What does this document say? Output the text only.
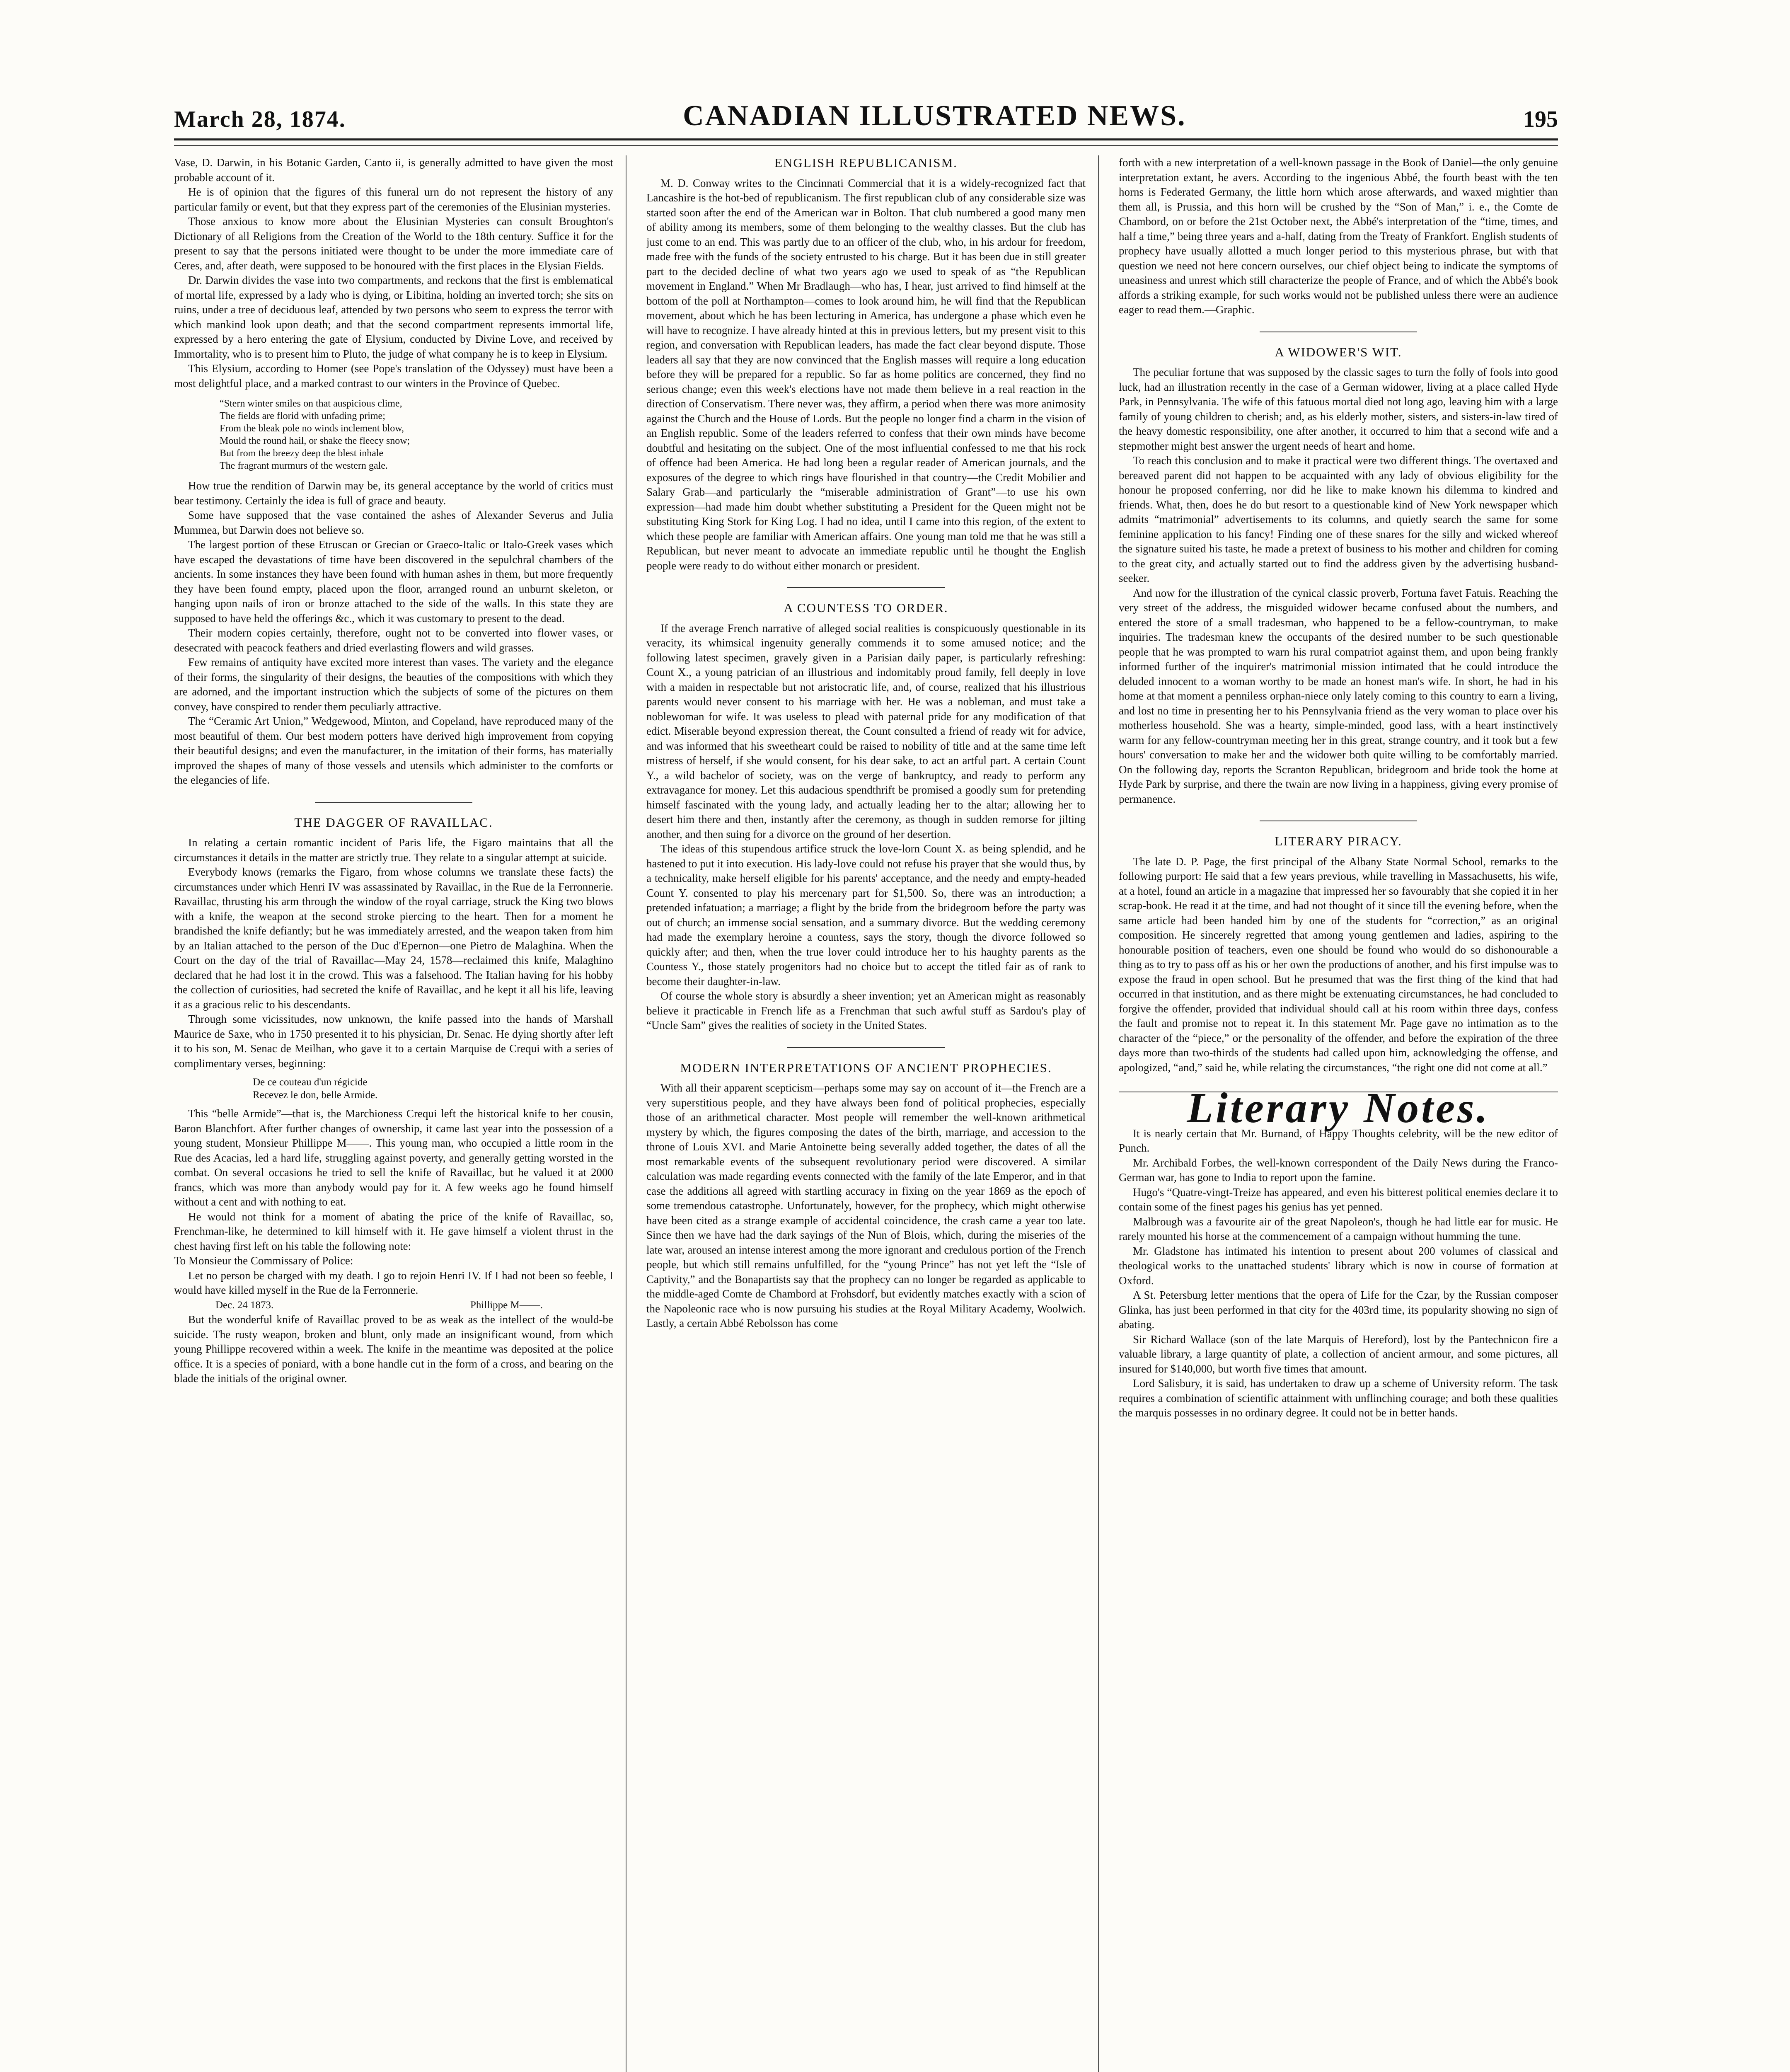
March 28, 1874.	CANADIAN ILLUSTRATED NEWS.	195

Vase, D. Darwin, in his Botanic Garden, Canto ii, is generally admitted to have given the most probable account of it.

He is of opinion that the figures of this funeral urn do not represent the history of any particular family or event, but that they express part of the ceremonies of the Elusinian mysteries.

Those anxious to know more about the Elusinian Mysteries can consult Broughton's Dictionary of all Religions from the Creation of the World to the 18th century. Suffice it for the present to say that the persons initiated were thought to be under the more immediate care of Ceres, and, after death, were supposed to be honoured with the first places in the Elysian Fields.

Dr. Darwin divides the vase into two compartments, and reckons that the first is emblematical of mortal life, expressed by a lady who is dying, or Libitina, holding an inverted torch; she sits on ruins, under a tree of deciduous leaf, attended by two persons who seem to express the terror with which mankind look upon death; and that the second compartment represents immortal life, expressed by a hero entering the gate of Elysium, conducted by Divine Love, and received by Immortality, who is to present him to Pluto, the judge of what company he is to keep in Elysium.

This Elysium, according to Homer (see Pope's translation of the Odyssey) must have been a most delightful place, and a marked contrast to our winters in the Province of Quebec.

“Stern winter smiles on that auspicious clime,
The fields are florid with unfading prime;
From the bleak pole no winds inclement blow,
Mould the round hail, or shake the fleecy snow;
But from the breezy deep the blest inhale
The fragrant murmurs of the western gale.

How true the rendition of Darwin may be, its general acceptance by the world of critics must bear testimony. Certainly the idea is full of grace and beauty.

Some have supposed that the vase contained the ashes of Alexander Severus and Julia Mummea, but Darwin does not believe so.

The largest portion of these Etruscan or Grecian or Graeco-Italic or Italo-Greek vases which have escaped the devastations of time have been discovered in the sepulchral chambers of the ancients. In some instances they have been found with human ashes in them, but more frequently they have been found empty, placed upon the floor, arranged round an unburnt skeleton, or hanging upon nails of iron or bronze attached to the side of the walls. In this state they are supposed to have held the offerings &c., which it was customary to present to the dead.

Their modern copies certainly, therefore, ought not to be converted into flower vases, or desecrated with peacock feathers and dried everlasting flowers and wild grasses.

Few remains of antiquity have excited more interest than vases. The variety and the elegance of their forms, the singularity of their designs, the beauties of the compositions with which they are adorned, and the important instruction which the subjects of some of the pictures on them convey, have conspired to render them peculiarly attractive.

The “Ceramic Art Union,” Wedgewood, Minton, and Copeland, have reproduced many of the most beautiful of them. Our best modern potters have derived high improvement from copying their beautiful designs; and even the manufacturer, in the imitation of their forms, has materially improved the shapes of many of those vessels and utensils which administer to the comforts or the elegancies of life.

THE DAGGER OF RAVAILLAC.

In relating a certain romantic incident of Paris life, the Figaro maintains that all the circumstances it details in the matter are strictly true. They relate to a singular attempt at suicide.

Everybody knows (remarks the Figaro, from whose columns we translate these facts) the circumstances under which Henri IV was assassinated by Ravaillac, in the Rue de la Ferronnerie. Ravaillac, thrusting his arm through the window of the royal carriage, struck the King two blows with a knife, the weapon at the second stroke piercing to the heart. Then for a moment he brandished the knife defiantly; but he was immediately arrested, and the weapon taken from him by an Italian attached to the person of the Duc d'Epernon—one Pietro de Malaghina. When the Court on the day of the trial of Ravaillac—May 24, 1578—reclaimed this knife, Malaghino declared that he had lost it in the crowd. This was a falsehood. The Italian having for his hobby the collection of curiosities, had secreted the knife of Ravaillac, and he kept it all his life, leaving it as a gracious relic to his descendants.

Through some vicissitudes, now unknown, the knife passed into the hands of Marshall Maurice de Saxe, who in 1750 presented it to his physician, Dr. Senac. He dying shortly after left it to his son, M. Senac de Meilhan, who gave it to a certain Marquise de Crequi with a series of complimentary verses, beginning:

De ce couteau d'un régicide
Recevez le don, belle Armide.

This “belle Armide”—that is, the Marchioness Crequi left the historical knife to her cousin, Baron Blanchfort. After further changes of ownership, it came last year into the possession of a young student, Monsieur Phillippe M——. This young man, who occupied a little room in the Rue des Acacias, led a hard life, struggling against poverty, and generally getting worsted in the combat. On several occasions he tried to sell the knife of Ravaillac, but he valued it at 2000 francs, which was more than anybody would pay for it. A few weeks ago he found himself without a cent and with nothing to eat.

He would not think for a moment of abating the price of the knife of Ravaillac, so, Frenchman-like, he determined to kill himself with it. He gave himself a violent thrust in the chest having first left on his table the following note:

To Monsieur the Commissary of Police:

Let no person be charged with my death. I go to rejoin Henri IV. If I had not been so feeble, I would have killed myself in the Rue de la Ferronnerie.

Dec. 24 1873.	Phillippe M——.

But the wonderful knife of Ravaillac proved to be as weak as the intellect of the would-be suicide. The rusty weapon, broken and blunt, only made an insignificant wound, from which young Phillippe recovered within a week. The knife in the meantime was deposited at the police office. It is a species of poniard, with a bone handle cut in the form of a cross, and bearing on the blade the initials of the original owner.

ENGLISH REPUBLICANISM.

M. D. Conway writes to the Cincinnati Commercial that it is a widely-recognized fact that Lancashire is the hot-bed of republicanism. The first republican club of any considerable size was started soon after the end of the American war in Bolton. That club numbered a good many men of ability among its members, some of them belonging to the wealthy classes. But the club has just come to an end. This was partly due to an officer of the club, who, in his ardour for freedom, made free with the funds of the society entrusted to his charge. But it has been due in still greater part to the decided decline of what two years ago we used to speak of as “the Republican movement in England.” When Mr Bradlaugh—who has, I hear, just arrived to find himself at the bottom of the poll at Northampton—comes to look around him, he will find that the Republican movement, about which he has been lecturing in America, has undergone a phase which even he will have to recognize. I have already hinted at this in previous letters, but my present visit to this region, and conversation with Republican leaders, has made the fact clear beyond dispute. Those leaders all say that they are now convinced that the English masses will require a long education before they will be prepared for a republic. So far as home politics are concerned, they find no serious change; even this week's elections have not made them believe in a real reaction in the direction of Conservatism. There never was, they affirm, a period when there was more animosity against the Church and the House of Lords. But the people no longer find a charm in the vision of an English republic. Some of the leaders referred to confess that their own minds have become doubtful and hesitating on the subject. One of the most influential confessed to me that his rock of offence had been America. He had long been a regular reader of American journals, and the exposures of the degree to which rings have flourished in that country—the Credit Mobilier and Salary Grab—and particularly the “miserable administration of Grant”—to use his own expression—had made him doubt whether substituting a President for the Queen might not be substituting King Stork for King Log. I had no idea, until I came into this region, of the extent to which these people are familiar with American affairs. One young man told me that he was still a Republican, but never meant to advocate an immediate republic until he thought the English people were ready to do without either monarch or president.

A COUNTESS TO ORDER.

If the average French narrative of alleged social realities is conspicuously questionable in its veracity, its whimsical ingenuity generally commends it to some amused notice; and the following latest specimen, gravely given in a Parisian daily paper, is particularly refreshing: Count X., a young patrician of an illustrious and indomitably proud family, fell deeply in love with a maiden in respectable but not aristocratic life, and, of course, realized that his illustrious parents would never consent to his marriage with her. He was a nobleman, and must take a noblewoman for wife. It was useless to plead with paternal pride for any modification of that edict. Miserable beyond expression thereat, the Count consulted a friend of ready wit for advice, and was informed that his sweetheart could be raised to nobility of title and at the same time left mistress of herself, if she would consent, for his dear sake, to act an artful part. A certain Count Y., a wild bachelor of society, was on the verge of bankruptcy, and ready to perform any extravagance for money. Let this audacious spendthrift be promised a goodly sum for pretending himself fascinated with the young lady, and actually leading her to the altar; allowing her to desert him there and then, instantly after the ceremony, as though in sudden remorse for jilting another, and then suing for a divorce on the ground of her desertion.

The ideas of this stupendous artifice struck the love-lorn Count X. as being splendid, and he hastened to put it into execution. His lady-love could not refuse his prayer that she would thus, by a technicality, make herself eligible for his parents' acceptance, and the needy and empty-headed Count Y. consented to play his mercenary part for $1,500. So, there was an introduction; a pretended infatuation; a marriage; a flight by the bride from the bridegroom before the party was out of church; an immense social sensation, and a summary divorce. But the wedding ceremony had made the exemplary heroine a countess, says the story, though the divorce followed so quickly after; and then, when the true lover could introduce her to his haughty parents as the Countess Y., those stately progenitors had no choice but to accept the titled fair as of rank to become their daughter-in-law.

Of course the whole story is absurdly a sheer invention; yet an American might as reasonably believe it practicable in French life as a Frenchman that such awful stuff as Sardou's play of “Uncle Sam” gives the realities of society in the United States.

MODERN INTERPRETATIONS OF ANCIENT PROPHECIES.

With all their apparent scepticism—perhaps some may say on account of it—the French are a very superstitious people, and they have always been fond of political prophecies, especially those of an arithmetical character. Most people will remember the well-known arithmetical mystery by which, the figures composing the dates of the birth, marriage, and accession to the throne of Louis XVI. and Marie Antoinette being severally added together, the dates of all the most remarkable events of the subsequent revolutionary period were discovered. A similar calculation was made regarding events connected with the family of the late Emperor, and in that case the additions all agreed with startling accuracy in fixing on the year 1869 as the epoch of some tremendous catastrophe. Unfortunately, however, for the prophecy, which might otherwise have been cited as a strange example of accidental coincidence, the crash came a year too late. Since then we have had the dark sayings of the Nun of Blois, which, during the miseries of the late war, aroused an intense interest among the more ignorant and credulous portion of the French people, but which still remains unfulfilled, for the “young Prince” has not yet left the “Isle of Captivity,” and the Bonapartists say that the prophecy can no longer be regarded as applicable to the middle-aged Comte de Chambord at Frohsdorf, but evidently matches exactly with a scion of the Napoleonic race who is now pursuing his studies at the Royal Military Academy, Woolwich. Lastly, a certain Abbé Rebolsson has come

forth with a new interpretation of a well-known passage in the Book of Daniel—the only genuine interpretation extant, he avers. According to the ingenious Abbé, the fourth beast with the ten horns is Federated Germany, the little horn which arose afterwards, and waxed mightier than them all, is Prussia, and this horn will be crushed by the “Son of Man,” i. e., the Comte de Chambord, on or before the 21st October next, the Abbé's interpretation of the “time, times, and half a time,” being three years and a-half, dating from the Treaty of Frankfort. English students of prophecy have usually allotted a much longer period to this mysterious phrase, but with that question we need not here concern ourselves, our chief object being to indicate the symptoms of uneasiness and unrest which still characterize the people of France, and of which the Abbé's book affords a striking example, for such works would not be published unless there were an audience eager to read them.—Graphic.

A WIDOWER'S WIT.

The peculiar fortune that was supposed by the classic sages to turn the folly of fools into good luck, had an illustration recently in the case of a German widower, living at a place called Hyde Park, in Pennsylvania. The wife of this fatuous mortal died not long ago, leaving him with a large family of young children to cherish; and, as his elderly mother, sisters, and sisters-in-law tired of the heavy domestic responsibility, one after another, it occurred to him that a second wife and a stepmother might best answer the urgent needs of heart and home.

To reach this conclusion and to make it practical were two different things. The overtaxed and bereaved parent did not happen to be acquainted with any lady of obvious eligibility for the honour he proposed conferring, nor did he like to make known his dilemma to kindred and friends. What, then, does he do but resort to a questionable kind of New York newspaper which admits “matrimonial” advertisements to its columns, and quietly search the same for some feminine application to his fancy! Finding one of these snares for the silly and wicked whereof the signature suited his taste, he made a pretext of business to his mother and children for coming to the great city, and actually started out to find the address given by the advertising husband-seeker.

And now for the illustration of the cynical classic proverb, Fortuna favet Fatuis. Reaching the very street of the address, the misguided widower became confused about the numbers, and entered the store of a small tradesman, who happened to be a fellow-countryman, to make inquiries. The tradesman knew the occupants of the desired number to be such questionable people that he was prompted to warn his rural compatriot against them, and upon being frankly informed further of the inquirer's matrimonial mission intimated that he could introduce the deluded innocent to a woman worthy to be made an honest man's wife. In short, he had in his home at that moment a penniless orphan-niece only lately coming to this country to earn a living, and lost no time in presenting her to his Pennsylvania friend as the very woman to place over his motherless household. She was a hearty, simple-minded, good lass, with a heart instinctively warm for any fellow-countryman meeting her in this great, strange country, and it took but a few hours' conversation to make her and the widower both quite willing to be comfortably married. On the following day, reports the Scranton Republican, bridegroom and bride took the home at Hyde Park by surprise, and there the twain are now living in a happiness, giving every promise of permanence.

LITERARY PIRACY.

The late D. P. Page, the first principal of the Albany State Normal School, remarks to the following purport: He said that a few years previous, while travelling in Massachusetts, his wife, at a hotel, found an article in a magazine that impressed her so favourably that she copied it in her scrap-book. He read it at the time, and had not thought of it since till the evening before, when the same article had been handed him by one of the students for “correction,” as an original composition. He sincerely regretted that among young gentlemen and ladies, aspiring to the honourable position of teachers, even one should be found who would do so dishonourable a thing as to try to pass off as his or her own the productions of another, and his first impulse was to expose the fraud in open school. But he presumed that was the first thing of the kind that had occurred in that institution, and as there might be extenuating circumstances, he had concluded to forgive the offender, provided that individual should call at his room within three days, confess the fault and promise not to repeat it. In this statement Mr. Page gave no intimation as to the character of the “piece,” or the personality of the offender, and before the expiration of the three days more than two-thirds of the students had called upon him, acknowledging the offense, and apologized, “and,” said he, while relating the circumstances, “the right one did not come at all.”

Literary Notes.

It is nearly certain that Mr. Burnand, of Happy Thoughts celebrity, will be the new editor of Punch.

Mr. Archibald Forbes, the well-known correspondent of the Daily News during the Franco-German war, has gone to India to report upon the famine.

Hugo's “Quatre-vingt-Treize has appeared, and even his bitterest political enemies declare it to contain some of the finest pages his genius has yet penned.

Malbrough was a favourite air of the great Napoleon's, though he had little ear for music. He rarely mounted his horse at the commencement of a campaign without humming the tune.

Mr. Gladstone has intimated his intention to present about 200 volumes of classical and theological works to the unattached students' library which is now in course of formation at Oxford.

A St. Petersburg letter mentions that the opera of Life for the Czar, by the Russian composer Glinka, has just been performed in that city for the 403rd time, its popularity showing no sign of abating.

Sir Richard Wallace (son of the late Marquis of Hereford), lost by the Pantechnicon fire a valuable library, a large quantity of plate, a collection of ancient armour, and some pictures, all insured for $140,000, but worth five times that amount.

Lord Salisbury, it is said, has undertaken to draw up a scheme of University reform. The task requires a combination of scientific attainment with unflinching courage; and both these qualities the marquis possesses in no ordinary degree. It could not be in better hands.
